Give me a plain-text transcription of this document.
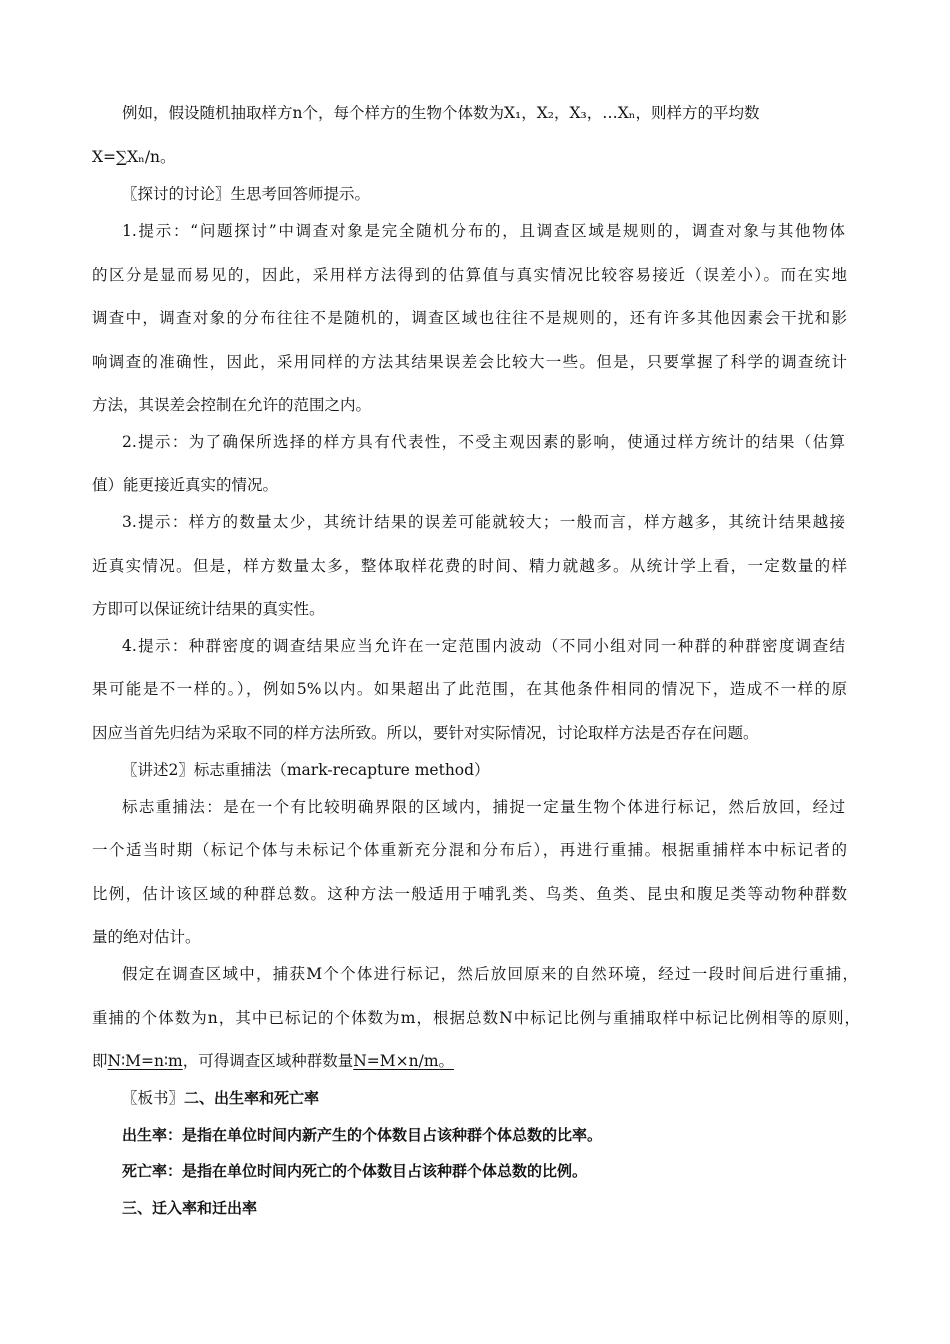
例如，假设随机抽取样方n个，每个样方的生物个体数为X₁，X₂，X₃，…Xₙ，则样方的平均数
X=∑Xₙ/n。
〖探讨的讨论〗生思考回答师提示。
1.提示：“问题探讨”中调查对象是完全随机分布的，且调查区域是规则的，调查对象与其他物体
的区分是显而易见的，因此，采用样方法得到的估算值与真实情况比较容易接近（误差小）。而在实地
调查中，调查对象的分布往往不是随机的，调查区域也往往不是规则的，还有许多其他因素会干扰和影
响调查的准确性，因此，采用同样的方法其结果误差会比较大一些。但是，只要掌握了科学的调查统计
方法，其误差会控制在允许的范围之内。
2.提示：为了确保所选择的样方具有代表性，不受主观因素的影响，使通过样方统计的结果（估算
值）能更接近真实的情况。
3.提示：样方的数量太少，其统计结果的误差可能就较大；一般而言，样方越多，其统计结果越接
近真实情况。但是，样方数量太多，整体取样花费的时间、精力就越多。从统计学上看，一定数量的样
方即可以保证统计结果的真实性。
4.提示：种群密度的调查结果应当允许在一定范围内波动（不同小组对同一种群的种群密度调查结
果可能是不一样的。），例如5%以内。如果超出了此范围，在其他条件相同的情况下，造成不一样的原
因应当首先归结为采取不同的样方法所致。所以，要针对实际情况，讨论取样方法是否存在问题。
〖讲述2〗标志重捕法（mark-recapture method）
标志重捕法：是在一个有比较明确界限的区域内，捕捉一定量生物个体进行标记，然后放回，经过
一个适当时期（标记个体与未标记个体重新充分混和分布后），再进行重捕。根据重捕样本中标记者的
比例，估计该区域的种群总数。这种方法一般适用于哺乳类、鸟类、鱼类、昆虫和腹足类等动物种群数
量的绝对估计。
假定在调查区域中，捕获M个个体进行标记，然后放回原来的自然环境，经过一段时间后进行重捕，
重捕的个体数为n，其中已标记的个体数为m，根据总数N中标记比例与重捕取样中标记比例相等的原则，
即N∶M=n∶m，可得调查区域种群数量N=M×n/m。
〖板书〗二、出生率和死亡率
出生率：是指在单位时间内新产生的个体数目占该种群个体总数的比率。
死亡率：是指在单位时间内死亡的个体数目占该种群个体总数的比例。
三、迁入率和迁出率
